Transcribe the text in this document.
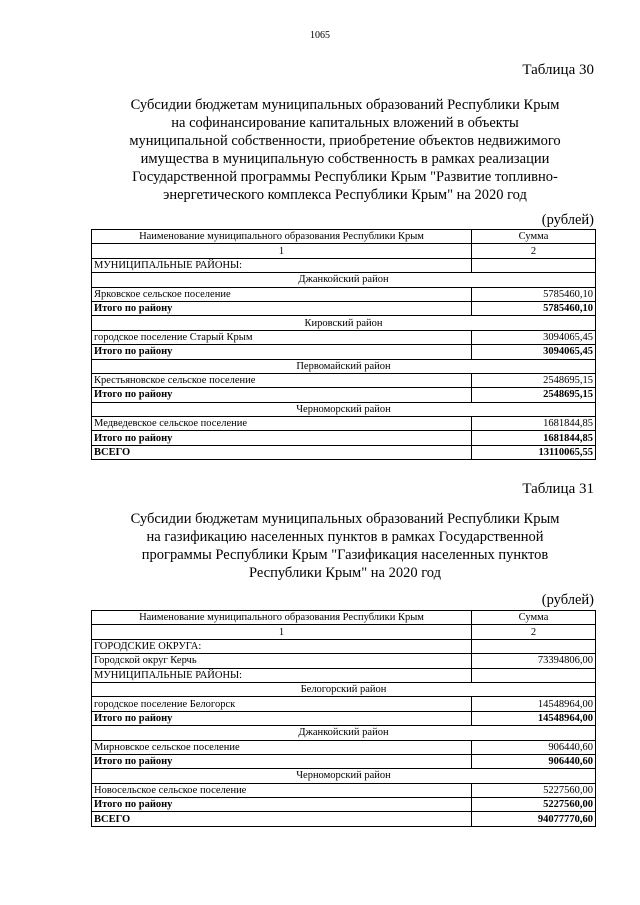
1065
Таблица 30
Субсидии бюджетам муниципальных образований Республики Крым
на софинансирование капитальных вложений в объекты
муниципальной собственности, приобретение объектов недвижимого
имущества в муниципальную собственность в рамках реализации
Государственной программы Республики Крым "Развитие топливно-
энергетического комплекса Республики Крым" на 2020 год
(рублей)
Наименование муниципального образования Республики Крым	Сумма
1	2
МУНИЦИПАЛЬНЫЕ РАЙОНЫ:	
Джанкойский район	
Ярковское сельское поселение	5785460,10
Итого по району	5785460,10
Кировский район	
городское поселение Старый Крым	3094065,45
Итого по району	3094065,45
Первомайский район	
Крестьяновское сельское поселение	2548695,15
Итого по району	2548695,15
Черноморский район	
Медведевское сельское поселение	1681844,85
Итого по району	1681844,85
ВСЕГО	13110065,55
Таблица 31
Субсидии бюджетам муниципальных образований Республики Крым
на газификацию населенных пунктов в рамках Государственной
программы Республики Крым "Газификация населенных пунктов
Республики Крым" на 2020 год
(рублей)
Наименование муниципального образования Республики Крым	Сумма
1	2
ГОРОДСКИЕ ОКРУГА:	
Городской округ Керчь	73394806,00
МУНИЦИПАЛЬНЫЕ РАЙОНЫ:	
Белогорский район	
городское поселение Белогорск	14548964,00
Итого по району	14548964,00
Джанкойский район	
Мирновское сельское поселение	906440,60
Итого по району	906440,60
Черноморский район	
Новосельское сельское поселение	5227560,00
Итого по району	5227560,00
ВСЕГО	94077770,60
